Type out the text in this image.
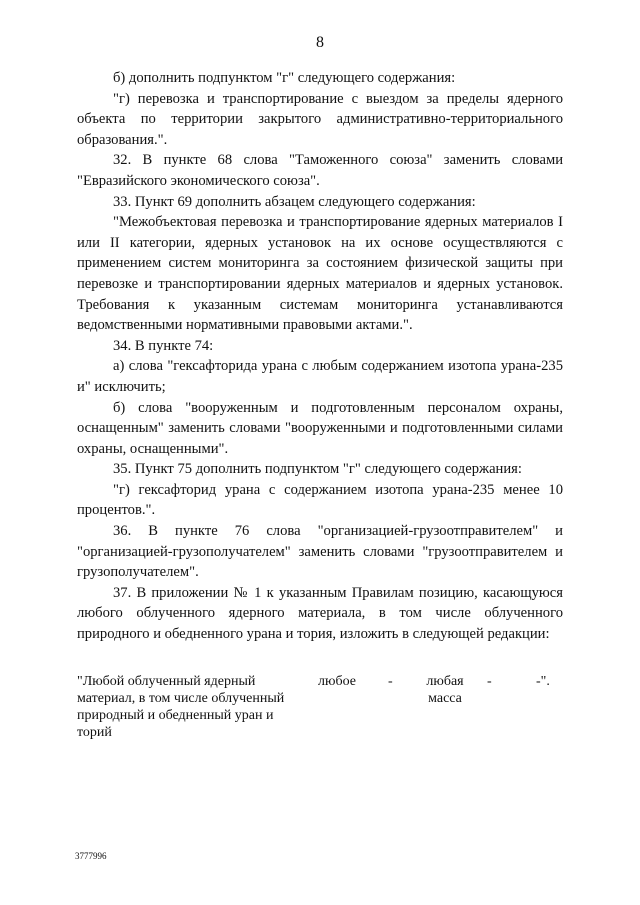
8

б) дополнить подпунктом "г" следующего содержания:

"г) перевозка и транспортирование с выездом за пределы ядерного объекта по территории закрытого административно-территориального образования.".

32. В пункте 68 слова "Таможенного союза" заменить словами "Евразийского экономического союза".

33. Пункт 69 дополнить абзацем следующего содержания:

"Межобъектовая перевозка и транспортирование ядерных материалов I или II категории, ядерных установок на их основе осуществляются с применением систем мониторинга за состоянием физической защиты при перевозке и транспортировании ядерных материалов и ядерных установок. Требования к указанным системам мониторинга устанавливаются ведомственными нормативными правовыми актами.".

34. В пункте 74:

а) слова "гексафторида урана с любым содержанием изотопа урана-235 и" исключить;

б) слова "вооруженным и подготовленным персоналом охраны, оснащенным" заменить словами "вооруженными и подготовленными силами охраны, оснащенными".

35. Пункт 75 дополнить подпунктом "г" следующего содержания:

"г) гексафторид урана с содержанием изотопа урана-235 менее 10 процентов.".

36. В пункте 76 слова "организацией-грузоотправителем" и "организацией-грузополучателем" заменить словами "грузоотправителем и грузополучателем".

37. В приложении № 1 к указанным Правилам позицию, касающуюся любого облученного ядерного материала, в том числе облученного природного и обедненного урана и тория, изложить в следующей редакции:

"Любой облученный ядерный материал, в том числе облученный природный и обедненный уран и торий
любое -	любая масса
-	-".
3777996
